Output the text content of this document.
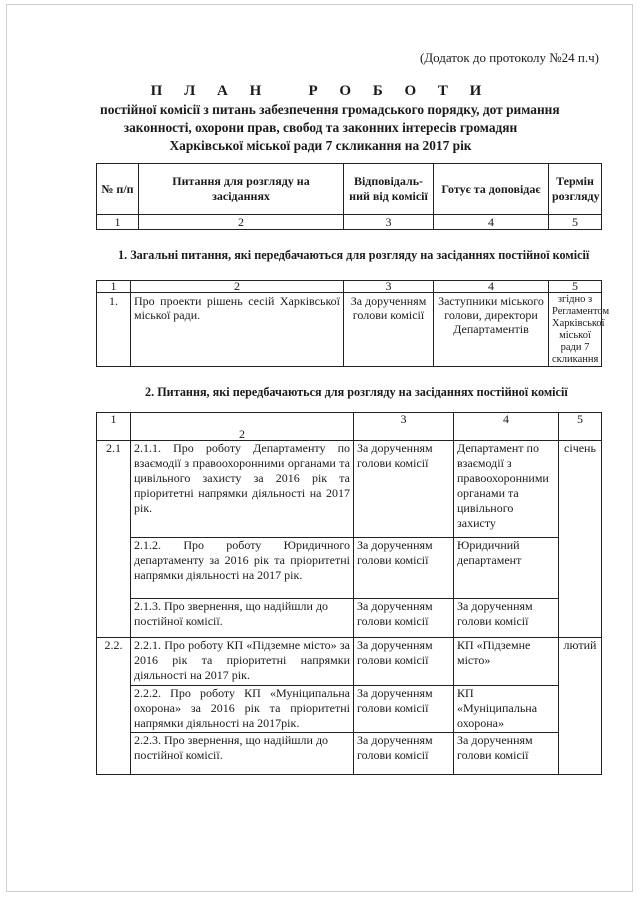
(Додаток до протоколу №24 п.ч)
П Л А Н   Р О Б О Т И
постійної комісії з питань забезпечення громадського порядку, дот римання
законності, охорони прав, свобод та законних інтересів громадян
Харківської міської ради 7 скликання на 2017 рік
№ п/п	Питання для розгляду на засіданнях	Відповідаль-ний від комісії	Готує та доповідає	Термін розгляду
1	2	3	4	5
1. Загальні питання, які передбачаються для розгляду на засіданнях постійної комісії
1	2	3	4	5
1.	Про проекти рішень сесій Харківської міської ради.	За дорученням голови комісії	Заступники міського голови, директори Департаментів	згідно з Регламентом Харківської міської ради 7 скликання
2. Питання, які передбачаються для розгляду на засіданнях постійної комісії
1	2	3	4	5
2.1	2.1.1. Про роботу Департаменту по взаємодії з правоохоронними органами та цивільного захисту за 2016 рік та пріоритетні напрямки діяльності на 2017 рік.	За дорученням голови комісії	Департамент по взаємодії з правоохоронними органами та цивільного захисту	січень
	2.1.2. Про роботу Юридичного департаменту за 2016 рік та пріоритетні напрямки діяльності на 2017 рік.	За дорученням голови комісії	Юридичний департамент	
	2.1.3. Про звернення, що надійшли до постійної комісії.	За дорученням голови комісії	За дорученням голови комісії	
2.2.	2.2.1. Про роботу КП «Підземне місто» за 2016 рік та пріоритетні напрямки діяльності на 2017 рік.	За дорученням голови комісії	КП «Підземне місто»	лютий
	2.2.2. Про роботу КП «Муніципальна охорона» за 2016 рік та пріоритетні напрямки діяльності на 2017рік.	За дорученням голови комісії	КП «Муніципальна охорона»	
	2.2.3. Про звернення, що надійшли до постійної комісії.	За дорученням голови комісії	За дорученням голови комісії	
